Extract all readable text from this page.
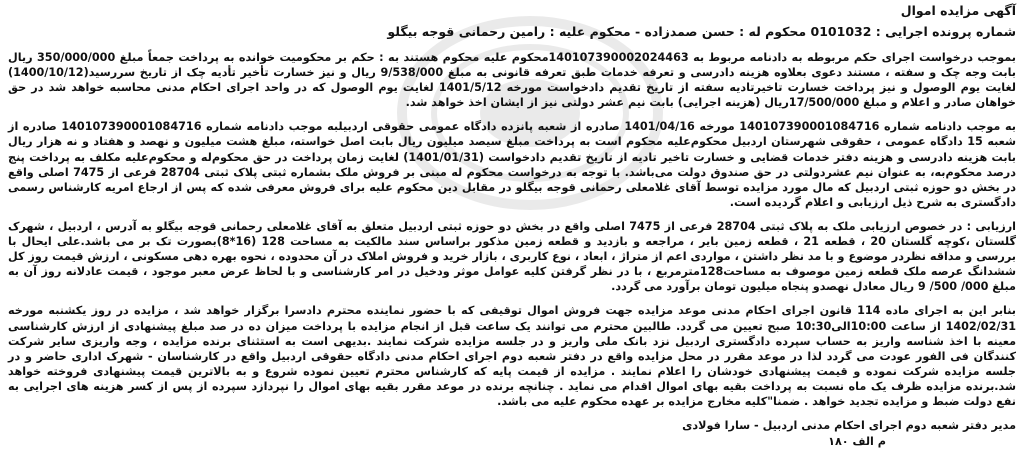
آگهی مزایده اموال
شماره پرونده اجرایی : 0101032 محکوم له : حسن صمدزاده - محکوم علیه : رامین رحمانی قوجه بیگلو

بموجب درخواست اجرای حکم مربوطه به دادنامه مربوط به 140107390002024463محکوم علیه محکوم هستند به : حکم بر محکومیت خوانده به پرداخت جمعاً مبلغ 350/000/000 ریال بابت وجه چک و سفته ، مستند دعوی بعلاوه هزینه دادرسی و تعرفه خدمات طبق تعرفه قانونی به مبلغ 9/538/000 ریال و نیز خسارت تأخیر تأدیه چک از تاریخ سررسید(1400/10/12) لغایت یوم الوصول و نیز پرداخت خسارت تاخیرتادیه سفته از تاریخ تقدیم دادخواست مورخه 1401/5/12 لغایت یوم الوصول که در واحد اجرای احکام مدنی محاسبه خواهد شد در حق خواهان صادر و اعلام و مبلغ 17/500/000ریال (هزینه اجرایی) بابت نیم عشر دولتی نیز از ایشان اخذ خواهد شد.

به موجب دادنامه شماره 140107390001084716 مورخه 1401/04/16 صادره از شعبه پانزده دادگاه عمومی حقوقی اردبیلبه موجب دادنامه شماره 140107390001084716 صادره از شعبه 15 دادگاه عمومی ، حقوقی شهرستان اردبیل محکوم‌علیه محکوم است به پرداخت مبلغ سیصد میلیون ریال بابت اصل خواسته، مبلغ هشت میلیون و نهصد و هفتاد و نه هزار ریال بابت هزینه دادرسی و هزینه دفتر خدمات قضایی و خسارت تاخیر تادیه از تاریخ تقدیم دادخواست (1401/01/31) لغایت زمان پرداخت در حق محکوم‌له و محکوم‌علیه مکلف به پرداخت پنج درصد محکوم‌به، به عنوان نیم عشردولتی در حق صندوق دولت می‌باشد. با توجه به درخواست محکوم له مبنی بر فروش ملک بشماره ثبتی پلاک ثبتی 28704 فرعی از 7475 اصلی واقع در بخش دو حوزه ثبتی اردبیل که مال مورد مزایده توسط آقای غلامعلی رحمانی قوجه بیگلو در مقابل دین محکوم علیه برای فروش معرفی شده که پس از ارجاع امریه کارشناس رسمی دادگستری به شرح ذیل ارزیابی و اعلام گردیده است.

ارزیابی : در خصوص ارزیابی ملک به پلاک ثبتی 28704 فرعی از 7475 اصلی واقع در بخش دو حوزه ثبتی اردبیل متعلق به آقای غلامعلی رحمانی قوجه بیگلو به آدرس ، اردبیل ، شهرک گلستان ،کوچه گلستان 20 ، قطعه 21 ، قطعه زمین بایر ، مراجعه و بازدید و قطعه زمین مذکور براساس سند مالکیت به مساحت 128 (16*8)بصورت تک بر می باشد.علی ایحال با بررسی و مداقه نظردر موضوع و با مد نظر داشتن ، مواردی اعم از متراژ ، ابعاد ، نوع کاربری ، بازار خرید و فروش املاک در آن محدوده ، نحوه بهره دهی مسکونی ، ارزش قیمت روز کل ششدانگ عرصه ملک قطعه زمین موصوف به مساحت128مترمربع ، با در نظر گرفتن کلیه عوامل موثر ودخیل در امر کارشناسی و با لحاظ عرض معبر موجود ، قیمت عادلانه روز آن به مبلغ 000/ 500/ 9 ریال معادل نهصدو پنجاه میلیون تومان برآورد می گردد.

بنابر این به اجرای ماده 114 قانون اجرای احکام مدنی موعد مزایده جهت فروش اموال توقیفی که با حضور نماینده محترم دادسرا برگزار خواهد شد ، مزایده در روز یکشنبه مورخه 1402/02/31 از ساعت 10:00الی10:30 صبح تعیین می گردد. طالبین محترم می توانند یک ساعت قبل از انجام مزایده با پرداخت میزان ده در صد مبلغ پیشنهادی از ارزش کارشناسی معینه با اخذ شناسه واریز به حساب سپرده دادگستری اردبیل نزد بانک ملی واریز و در جلسه مزایده شرکت نمایند .بدیهی است به استثنای برنده مزایده ، وجه واریزی سایر شرکت کنندگان فی الفور عودت می گردد لذا در موعد مقرر در محل مزایده واقع در دفتر شعبه دوم اجرای احکام مدنی دادگاه حقوقی اردبیل واقع در کارشناسان - شهرک اداری حاضر و در جلسه مزایده شرکت نموده و قیمت پیشنهادی خودشان را اعلام نمایند . مزایده از قیمت پایه که کارشناس محترم تعیین نموده شروع و به بالاترین قیمت پیشنهادی فروخته خواهد شد.برنده مزایده ظرف یک ماه نسبت به پرداخت بقیه بهای اموال اقدام می نماید . چنانچه برنده در موعد مقرر بقیه بهای اموال را نپردازد سپرده از پس از کسر هزینه های اجرایی به نفع دولت ضبط و مزایده تجدید خواهد . ضمنا"کلیه مخارج مزایده بر عهده محکوم علیه می باشد.

مدیر دفتر شعبه دوم اجرای احکام مدنی اردبیل - سارا فولادی
م الف ۱۸۰
